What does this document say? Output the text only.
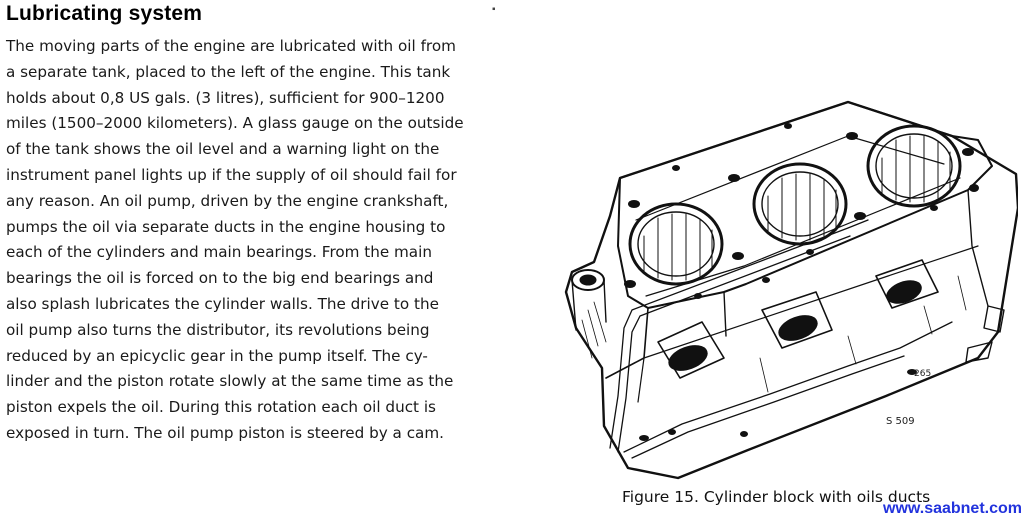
Lubricating system	▪
The moving parts of the engine are lubricated with oil from
a separate tank, placed to the left of the engine. This tank
holds about 0,8 US gals. (3 litres), sufficient for 900–1200
miles (1500–2000 kilometers). A glass gauge on the outside
of the tank shows the oil level and a warning light on the
instrument panel lights up if the supply of oil should fail for
any reason. An oil pump, driven by the engine crankshaft,
pumps the oil via separate ducts in the engine housing to
each of the cylinders and main bearings. From the main
bearings the oil is forced on to the big end bearings and
also splash lubricates the cylinder walls. The drive to the
oil pump also turns the distributor, its revolutions being
reduced by an epicyclic gear in the pump itself. The cy-
linder and the piston rotate slowly at the same time as the
piston expels the oil. During this rotation each oil duct is
exposed in turn. The oil pump piston is steered by a cam.
265
S 509
Figure 15. Cylinder block with oils ducts
www.saabnet.com
